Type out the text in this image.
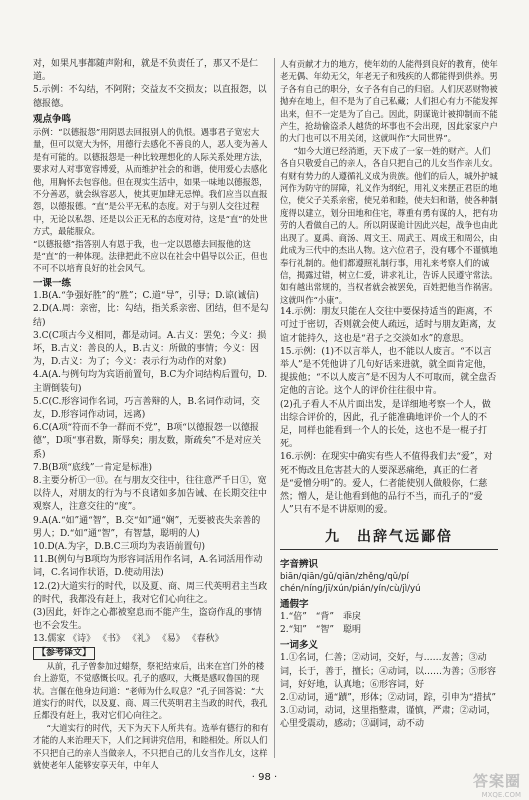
对，如果凡事都随声附和，就是不负责任了，那又不是仁道。

5.示例：不勾结，不阿附；交益友不交损友；以直报怨，以德报德。

观点争鸣

示例：“以德报怨”用阴恩去回报别人的仇恨。遇事君子宽宏大量，但可以宽大为怀，用德行去感化不善良的人，恶人变为善人是有可能的。以德报怨是一种比较理想化的人际关系处理方法，要求对人对事宽容博爱，从而维护社会的和谐，使用爱心去感化他，用胸怀去包容他。但在现实生活中，如果一味地以德报怨，不分善恶，就会纵容恶人，使其更加肆无忌惮。我们应当以直报怨，以德报德。“直”是公平无私的态度。对于与别人交往过程中，无论以私怨、还是以公正无私的态度对待，这是“直”的处世方式，最能服众。

“以德报德”指答别人有恩于我，也一定以恩德去回报他的这是“直”的一种体现。法律把此不应以在社会中倡导以公正，但也不可不以培育良好的社会风气。

一课一练

1.B(A.“争强好胜”的“胜”；C.道“导”，引导；D.谅(诚信)

2.D(A.周：亲密，比：勾结，指关系亲密、团结，但不是勾结)

3.C(C项古今义相同，都是动词。A.古义：罢免；今义：损坏，B.古义：善良的人，B.古义：所做的事情；今义：因为，D.古义：为了；今义：表示行为动作的对象)

4.A(A.与例句均为宾语前置句，B.C为介词结构后置句，D.主谓倒装句)

5.C(C.形容词作名词，巧言善辩的人，B.名词作动词，交友，D.形容词作动词，远离)

6.C(A项“符而不争一群而不党”，B项“以德报怨一以德报德”，D项“事君数，斯辱矣；朋友数，斯疏矣”不是对应关系)

7.B(B项“底线”一肯定是标准)

8.主要分析①一⑪。在与朋友交往中，往往意严千日①，宽以待人，对朋友的行为与不良诸如多加告诫、在长期交往中观察人，注意交往的“度”。

9.A(A.“如”通“智”，B.交“如”通“娴”，无要被丧失亲善的男人；D.“如”通“智”，有智慧，聪明的人)

10.D(A.为字，D.B.C三项均为表语前置句)

11.B(例句与B项均为形容词活用作名词，A.名词活用作动词，C.名词作状语，D.使动用法)

12.(2)大道实行的时代，以及夏、商、周三代英明君主当政的时代，我都没有赶上，我对它们心向往之。

(3)因此，奸诈之心都被窒息而不能产生，盗窃作乱的事情也不会发生。

13.儒家 《诗》 《书》 《礼》 《易》 《春秋》

【参考译文】

从前，孔子曾参加过蜡祭，祭祀结束后，出来在宫门外的楼台上游览，不觉感慨长叹。孔子的感叹，大概是感叹鲁国的现状。言偃在他身边问道：“老师为什么叹息？”孔子回答说：“大道实行的时代，以及夏、商、周三代英明君主当政的时代，我孔丘都没有赶上，我对它们心向往之。

“大道实行的时代，天下为天下人所共有。选举有德行的和有才能的人来治理天下，人们之间讲究信用，和睦相处。所以人们不只把自己的亲人当做亲人，不只把自己的儿女当作儿女，这样就使老年人能够安享天年，中年人

人有贡献才力的地方，使年幼的人能得到良好的教育，使年老无偶、年幼无父，年老无子和残疾的人都能得到供养。男子各有自己的职分，女子各有自己的归宿。人们厌恶财物被抛弃在地上，但不是为了自己私藏；人们担心有力不能发挥出来，但不一定是为了自己。因此，阴谋诡计被抑制而不能产生，抢劫偷盗杀人越货的坏事也不会出现，因此家家户户的大门也可以不用关闭，这就叫作“大同世界”。

“如今大道已经消逝，天下成了一家一姓的财产。人们各自只敬爱自己的亲人，各自只把自己的儿女当作亲儿女。有财有势力的人遵循礼义成为贵族。他们的后人，城外护城河作为防守的屏障，礼义作为纲纪，用礼义来摆正君臣的地位，使父子关系亲密，使兄弟和睦，使夫妇和谐，使各种制度得以建立，划分田地和住宅，尊重有勇有谋的人，把有功劳的人看做自己的人。所以阴谋诡计因此兴起，战争也由此出现了。夏禹、商汤、周文王、周武王、周成王和周公，由此成为三代中的杰出人物。这六位君子，没有哪个不谨慎地奉行礼制的。他们都遵照礼制行事，用礼来考察人们的诚信，揭露过错，树立仁爱，讲求礼让，告诉人民遵守常法。如有越出常规的，当权者就会被罢免，百姓把他当作祸害。这就叫作“小康”。

14.示例：朋友只能在人交往中要保持适当的距离，不可过于密切，否则就会使人疏远，适时与朋友距离，友谊才能持久，这也是“君子之交淡如水”的意思。

15.示例：(1)不以言举人，也不能以人废言。“不以言举人”是不凭他讲了几句好话来进就，就全面肯定他，提拔他；“不以人废言”是不因为人不可取而，就全盘否定他的言论。这个人的评价往往很中肯。

(2)孔子看人不从片面出发，是详细地考察一个人，做出综合评价的，因此，孔子能准确地评价一个人的不足，同样也能看到一个人的长处，这也不是一棍子打死。

16.示例：在现实中确实有些人不值得我们去“爱”，对死不悔改且危害甚大的人要深恶痛绝，真正的仁者是“爱憎分明”的。爱人，仁者能使别人做般你，仁慈然；憎人，是让他看到他的品行不当，而孔子的“爱人”只有不是不讲原则的爱。

九　出辞气远鄙倍

字音辨识

biān/qiān/gǔ/qiān/zhěng/qǔ/pí chén/níng/jī/xún/pián/yín/cù/jì/yú

通假字

1.“倍”　“背”　乖戾

2.“知”　“智”　聪明

一词多义

1.①名词，仁善；②动词，交好，与……友善；③动词，长于，善于，擅长；④动词，以……为善；⑤形容词，好好地，认真地；⑥形容词，好

2.①动词，通“蹟”，形体；②动词，踪，引申为“措拭”

3.①动词，动词，这里指整肃，谨慎，严肃；②动词，心里受震动，感动；③副词，动不动

· 98 ·	答案圈
MXQE.COM
